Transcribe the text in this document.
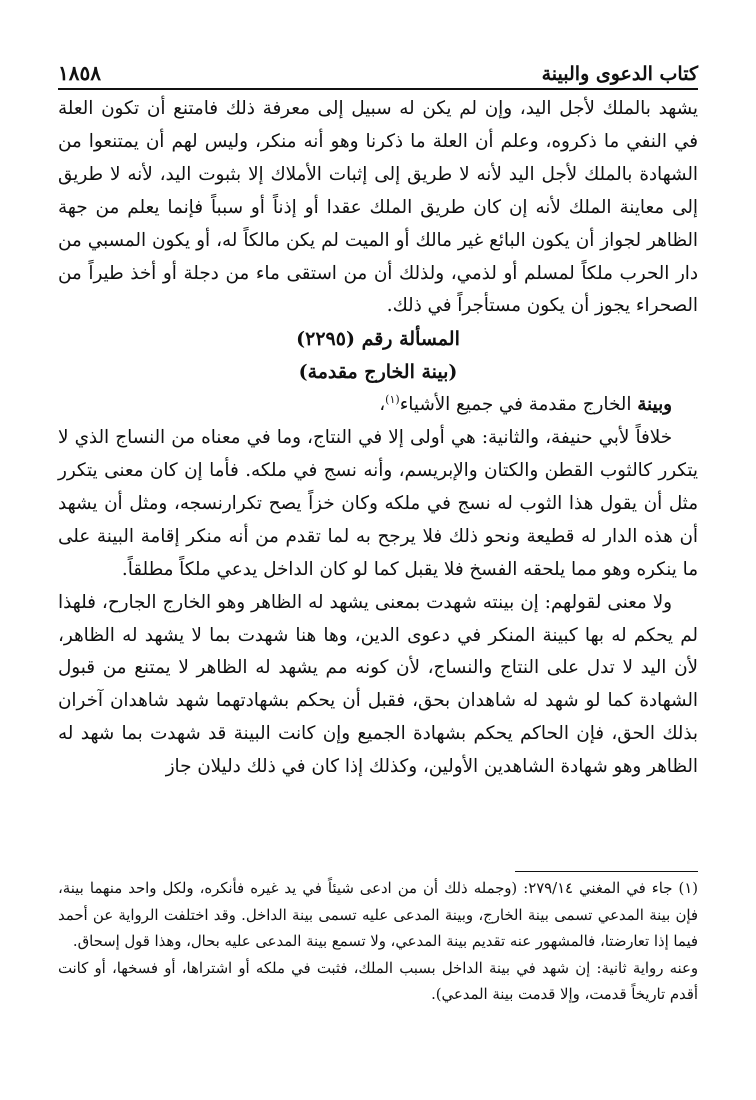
١٨٥٨	كتاب الدعوى والبينة

يشهد بالملك لأجل اليد، وإن لم يكن له سبيل إلى معرفة ذلك فامتنع أن تكون العلة في النفي ما ذكروه، وعلم أن العلة ما ذكرنا وهو أنه منكر، وليس لهم أن يمتنعوا من الشهادة بالملك لأجل اليد لأنه لا طريق إلى إثبات الأملاك إلا بثبوت اليد، لأنه لا طريق إلى معاينة الملك لأنه إن كان طريق الملك عقدا أو إذناً أو سبباً فإنما يعلم من جهة الظاهر لجواز أن يكون البائع غير مالك أو الميت لم يكن مالكاً له، أو يكون المسبي من دار الحرب ملكاً لمسلم أو لذمي، ولذلك أن من استقى ماء من دجلة أو أخذ طيراً من الصحراء يجوز أن يكون مستأجراً في ذلك.

المسألة رقم (٢٢٩٥)

(بينة الخارج مقدمة)

وبينة الخارج مقدمة في جميع الأشياء$^{(١)}$،

خلافاً لأبي حنيفة، والثانية: هي أولى إلا في النتاج، وما في معناه من النساج الذي لا يتكرر كالثوب القطن والكتان والإبريسم، وأنه نسج في ملكه. فأما إن كان معنى يتكرر مثل أن يقول هذا الثوب له نسج في ملكه وكان خزاً يصح تكرارنسجه، ومثل أن يشهد أن هذه الدار له قطيعة ونحو ذلك فلا يرجح به لما تقدم من أنه منكر إقامة البينة على ما ينكره وهو مما يلحقه الفسخ فلا يقبل كما لو كان الداخل يدعي ملكاً مطلقاً.

ولا معنى لقولهم: إن بينته شهدت بمعنى يشهد له الظاهر وهو الخارج الجارح، فلهذا لم يحكم له بها كبينة المنكر في دعوى الدين، وها هنا شهدت بما لا يشهد له الظاهر، لأن اليد لا تدل على النتاج والنساج، لأن كونه مم يشهد له الظاهر لا يمتنع من قبول الشهادة كما لو شهد له شاهدان بحق، فقبل أن يحكم بشهادتهما شهد شاهدان آخران بذلك الحق، فإن الحاكم يحكم بشهادة الجميع وإن كانت البينة قد شهدت بما شهد له الظاهر وهو شهادة الشاهدين الأولين، وكذلك إذا كان في ذلك دليلان جاز

(١) جاء في المغني ٢٧٩/١٤: (وجمله ذلك أن من ادعى شيئاً في يد غيره فأنكره، ولكل واحد منهما بينة، فإن بينة المدعي تسمى بينة الخارج، وبينة المدعى عليه تسمى بينة الداخل. وقد اختلفت الرواية عن أحمد فيما إذا تعارضتا، فالمشهور عنه تقديم بينة المدعي، ولا تسمع بينة المدعى عليه بحال، وهذا قول إسحاق.

وعنه رواية ثانية: إن شهد في بينة الداخل بسبب الملك، فثبت في ملكه أو اشتراها، أو فسخها، أو كانت أقدم تاريخاً قدمت، وإلا قدمت بينة المدعي).
